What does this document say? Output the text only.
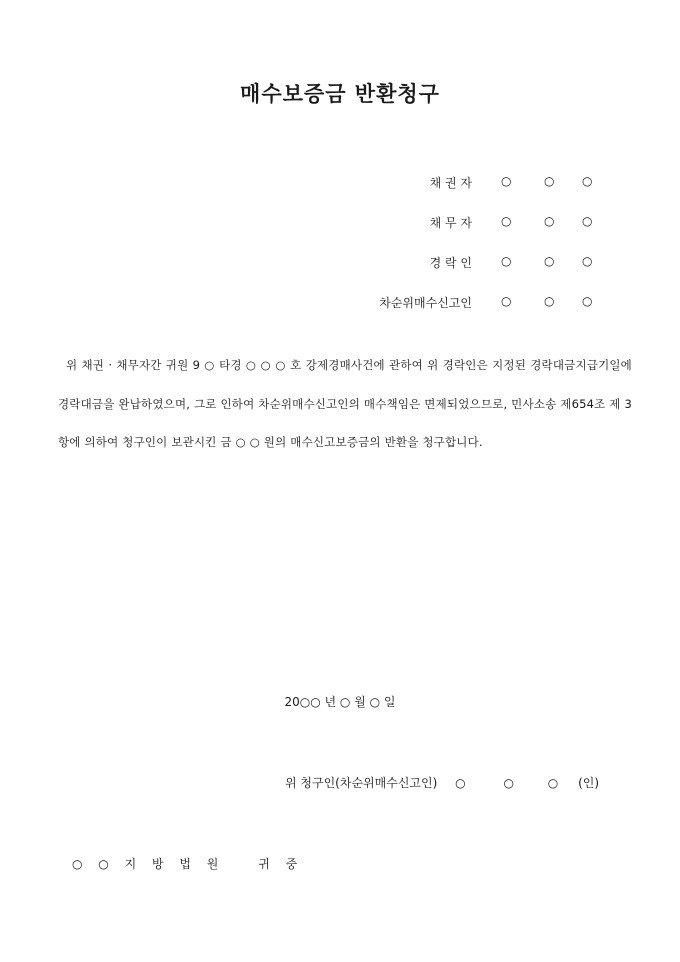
매수보증금 반환청구
채 권 자 ○	○ ○
채 무 자 ○	○ ○
경 락 인 ○	○ ○
차순위매수신고인 ○	○ ○
위 채권 · 채무자간 귀원 9 ○ 타경 ○ ○ ○ 호 강제경매사건에 관하여 위 경락인은 지정된 경락대금지급기일에 경락대금을 완납하였으며, 그로 인하여 차순위매수신고인의 매수책임은 면제되었으므로, 민사소송 제654조 제 3 항에 의하여 청구인이 보관시킨 금 ○ ○ 원의 매수신고보증금의 반환을 청구합니다.
20○○ 년 ○ 월 ○ 일
위 청구인(차순위매수신고인) ○	○	○ (인)
○ ○ 지 방 법 원	귀 중
